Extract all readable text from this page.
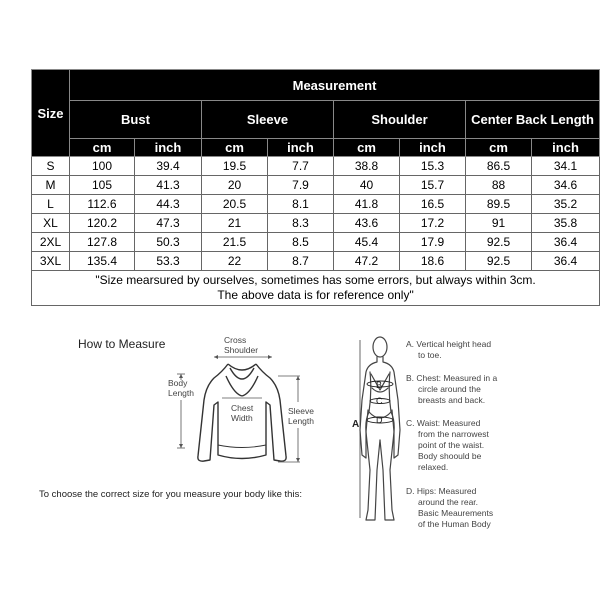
Size	Measurement							
	Bust		Sleeve		Shoulder		Center Back Length	
	cm	inch	cm	inch	cm	inch	cm	inch
S	100	39.4	19.5	7.7	38.8	15.3	86.5	34.1
M	105	41.3	20	7.9	40	15.7	88	34.6
L	112.6	44.3	20.5	8.1	41.8	16.5	89.5	35.2
XL	120.2	47.3	21	8.3	43.6	17.2	91	35.8
2XL	127.8	50.3	21.5	8.5	45.4	17.9	92.5	36.4
3XL	135.4	53.3	22	8.7	47.2	18.6	92.5	36.4

"Size mearsured by ourselves, sometimes has some errors, but always within 3cm.
The above data is for reference only"								
How to Measure	Cross
Shoulder
Chest
Width
Body
Length
Sleeve
Length
To choose the correct size for you measure your body like this:
A
B
C
D
A. Vertical height head
to toe.
B. Chest: Measured in a
circle around the
breasts and back.
C. Waist: Measured
from the narrowest
point of the waist.
Body shoould be
relaxed.
D. Hips: Measured
around the rear.
Basic Meaurements
of the Human Body
